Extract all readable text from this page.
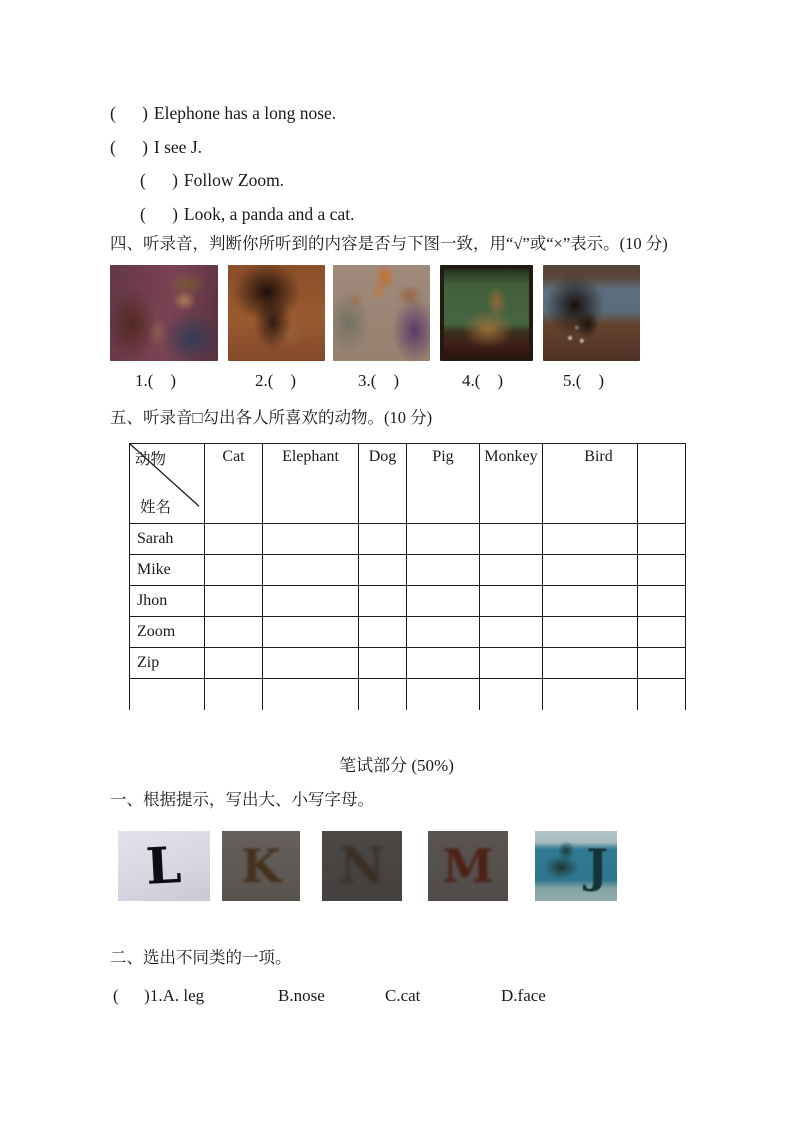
(      ) Elephone has a long nose.
(      ) I see J.
(      ) Follow Zoom.
(      ) Look, a panda and a cat.
四、听录音，判断你所听到的内容是否与下图一致，用“√”或“×”表示。(10 分)
1.(    )	2.(    )	3.(    )	4.(    )	5.(    )
五、听录音□勾出各人所喜欢的动物。(10 分)
动物
姓名	Cat	Elephant	Dog	Pig	Monkey	Bird	
Sarah							
Mike							
Jhon							
Zoom							
Zip							

笔试部分 (50%)
一、根据提示，写出大、小写字母。
L K N M J
二、选出不同类的一项。
(      )1.A. leg	B.nose	C.cat	D.face
